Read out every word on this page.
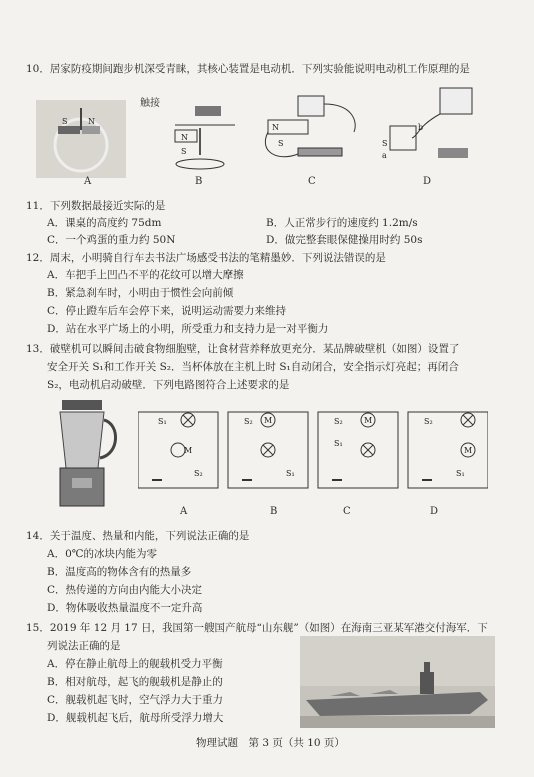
10．居家防疫期间跑步机深受青睐，其核心装置是电动机．下列实验能说明电动机工作原理的是
S	N
A
触接
N
S
B
N
S
C
S
a
b
D
11．下列数据最接近实际的是
A．课桌的高度约 75dm	B．人正常步行的速度约 1.2m/s
C．一个鸡蛋的重力约 50N	D．做完整套眼保健操用时约 50s
12．周末，小明骑自行车去书法广场感受书法的笔精墨妙．下列说法错误的是
A．车把手上凹凸不平的花纹可以增大摩擦
B．紧急刹车时，小明由于惯性会向前倾
C．停止蹬车后车会停下来，说明运动需要力来维持
D．站在水平广场上的小明，所受重力和支持力是一对平衡力
13．破壁机可以瞬间击破食物细胞壁，让食材营养释放更充分．某品牌破壁机（如图）设置了
安全开关 S₁和工作开关 S₂．当杯体放在主机上时 S₁自动闭合，安全指示灯亮起；再闭合
S₂，电动机启动破壁．下列电路图符合上述要求的是
M
M	M
M
S₁
S₂
S₂
S₁
S₂
S₁
S₂
S₁
A	B	C	D
14．关于温度、热量和内能，下列说法正确的是
A．0℃的冰块内能为零
B．温度高的物体含有的热量多
C．热传递的方向由内能大小决定
D．物体吸收热量温度不一定升高
15．2019 年 12 月 17 日，我国第一艘国产航母“山东舰”（如图）在海南三亚某军港交付海军．下
列说法正确的是
A．停在静止航母上的舰载机受力平衡
B．相对航母，起飞的舰载机是静止的
C．舰载机起飞时，空气浮力大于重力
D．舰载机起飞后，航母所受浮力增大
物理试题　第 3 页（共 10 页）
